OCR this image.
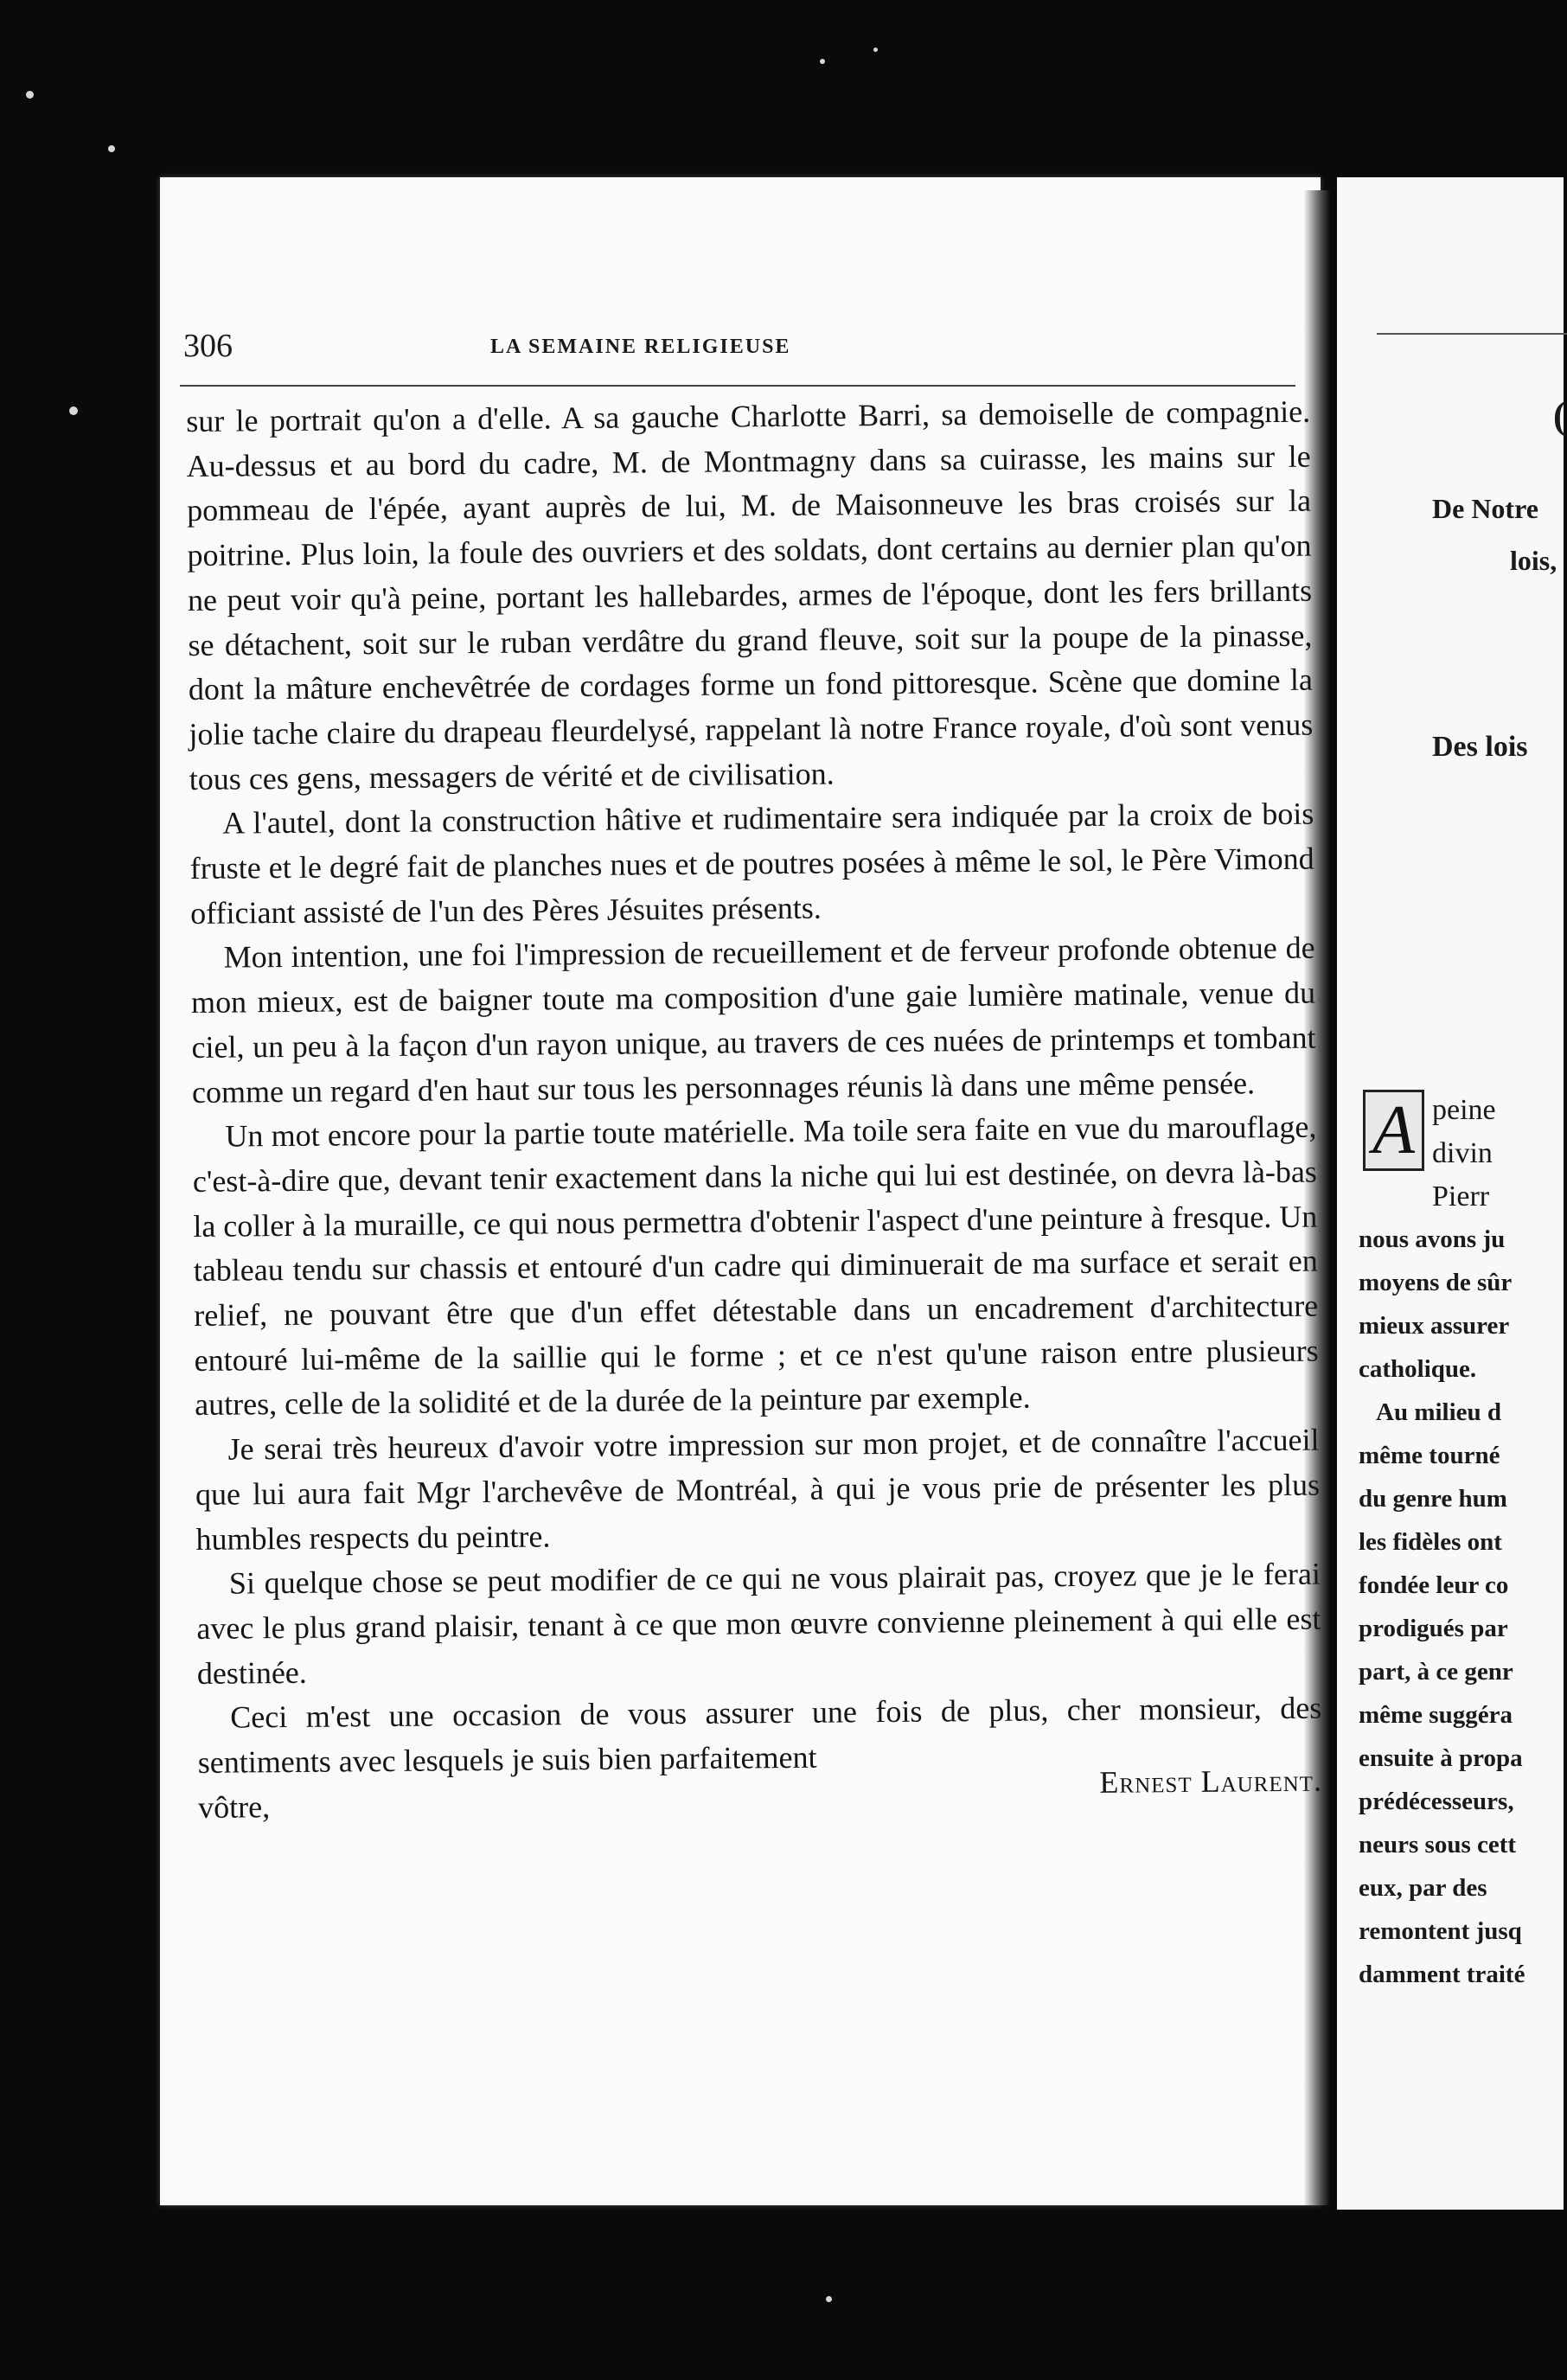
306	LA SEMAINE RELIGIEUSE

sur le portrait qu'on a d'elle. A sa gauche Charlotte Barri, sa demoiselle de compagnie. Au-dessus et au bord du cadre, M. de Montmagny dans sa cuirasse, les mains sur le pommeau de l'épée, ayant auprès de lui, M. de Maisonneuve les bras croisés sur la poitrine. Plus loin, la foule des ouvriers et des soldats, dont certains au dernier plan qu'on ne peut voir qu'à peine, portant les hallebardes, armes de l'époque, dont les fers brillants se détachent, soit sur le ruban verdâtre du grand fleuve, soit sur la poupe de la pinasse, dont la mâture enchevêtrée de cordages forme un fond pittoresque. Scène que domine la jolie tache claire du drapeau fleurdelysé, rappelant là notre France royale, d'où sont venus tous ces gens, messagers de vérité et de civilisation.

A l'autel, dont la construction hâtive et rudimentaire sera indiquée par la croix de bois fruste et le degré fait de planches nues et de poutres posées à même le sol, le Père Vimond officiant assisté de l'un des Pères Jésuites présents.

Mon intention, une foi l'impression de recueillement et de ferveur profonde obtenue de mon mieux, est de baigner toute ma composition d'une gaie lumière matinale, venue du ciel, un peu à la façon d'un rayon unique, au travers de ces nuées de printemps et tombant comme un regard d'en haut sur tous les personnages réunis là dans une même pensée.

Un mot encore pour la partie toute matérielle. Ma toile sera faite en vue du marouflage, c'est-à-dire que, devant tenir exactement dans la niche qui lui est destinée, on devra là-bas la coller à la muraille, ce qui nous permettra d'obtenir l'aspect d'une peinture à fresque. Un tableau tendu sur chassis et entouré d'un cadre qui diminuerait de ma surface et serait en relief, ne pouvant être que d'un effet détestable dans un encadrement d'architecture entouré lui-même de la saillie qui le forme ; et ce n'est qu'une raison entre plusieurs autres, celle de la solidité et de la durée de la peinture par exemple.

Je serai très heureux d'avoir votre impression sur mon projet, et de connaître l'accueil que lui aura fait Mgr l'archevêve de Montréal, à qui je vous prie de présenter les plus humbles respects du peintre.

Si quelque chose se peut modifier de ce qui ne vous plairait pas, croyez que je le ferai avec le plus grand plaisir, tenant à ce que mon œuvre convienne pleinement à qui elle est destinée.

Ceci m'est une occasion de vous assurer une fois de plus, cher monsieur, des sentiments avec lesquels je suis bien parfaitement

vôtre,
Ernest Laurent.
(
De Notre
lois,
Des lois
A peine
divin
Pierr
nous avons ju
moyens de sûr
mieux assurer
catholique.
Au milieu d
même tourné
du genre hum
les fidèles ont
fondée leur co
prodigués par
part, à ce genr
même suggéra
ensuite à propa
prédécesseurs,
neurs sous cett
eux, par des
remontent jusq
damment traité
